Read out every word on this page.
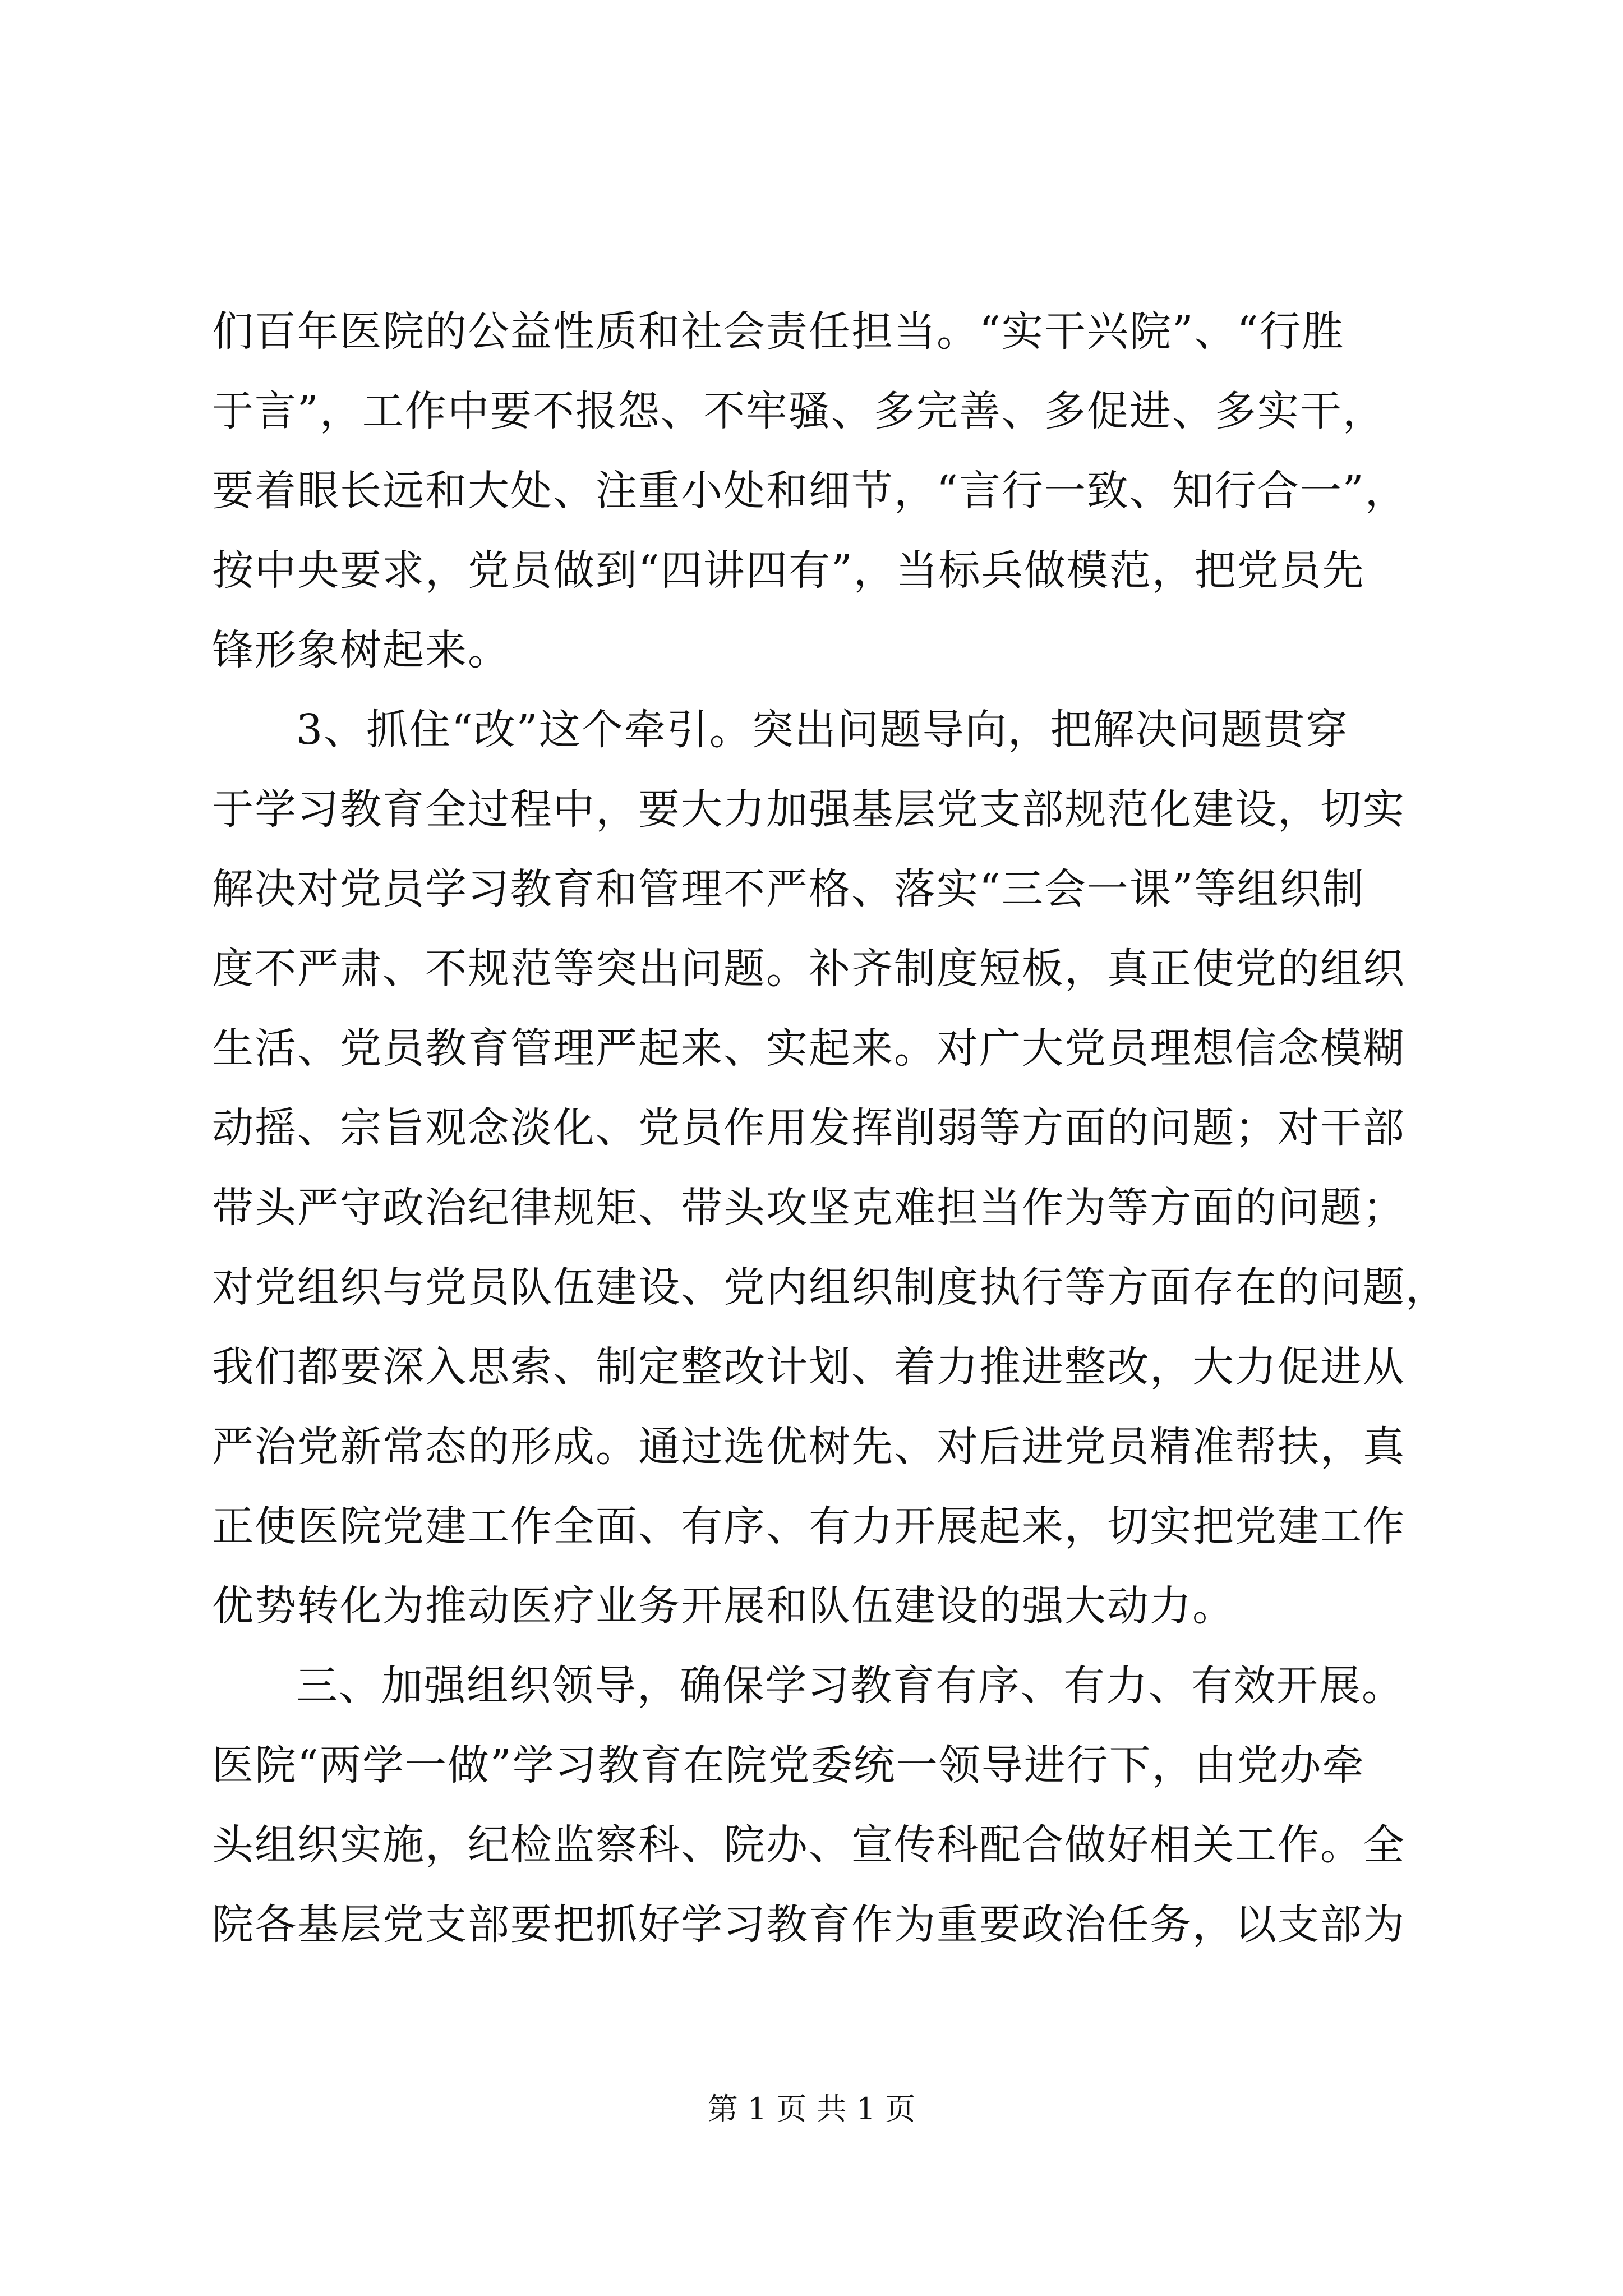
们百年医院的公益性质和社会责任担当。“实干兴院”、“行胜
于言”，工作中要不报怨、不牢骚、多完善、多促进、多实干，
要着眼长远和大处、注重小处和细节，“言行一致、知行合一”，
按中央要求，党员做到“四讲四有”，当标兵做模范，把党员先
锋形象树起来。
3、抓住“改”这个牵引。突出问题导向，把解决问题贯穿
于学习教育全过程中，要大力加强基层党支部规范化建设，切实
解决对党员学习教育和管理不严格、落实“三会一课”等组织制
度不严肃、不规范等突出问题。补齐制度短板，真正使党的组织
生活、党员教育管理严起来、实起来。对广大党员理想信念模糊
动摇、宗旨观念淡化、党员作用发挥削弱等方面的问题；对干部
带头严守政治纪律规矩、带头攻坚克难担当作为等方面的问题；
对党组织与党员队伍建设、党内组织制度执行等方面存在的问题，
我们都要深入思索、制定整改计划、着力推进整改，大力促进从
严治党新常态的形成。通过选优树先、对后进党员精准帮扶，真
正使医院党建工作全面、有序、有力开展起来，切实把党建工作
优势转化为推动医疗业务开展和队伍建设的强大动力。
三、加强组织领导，确保学习教育有序、有力、有效开展。
医院“两学一做”学习教育在院党委统一领导进行下，由党办牵
头组织实施，纪检监察科、院办、宣传科配合做好相关工作。全
院各基层党支部要把抓好学习教育作为重要政治任务，以支部为
第 1 页 共 1 页
